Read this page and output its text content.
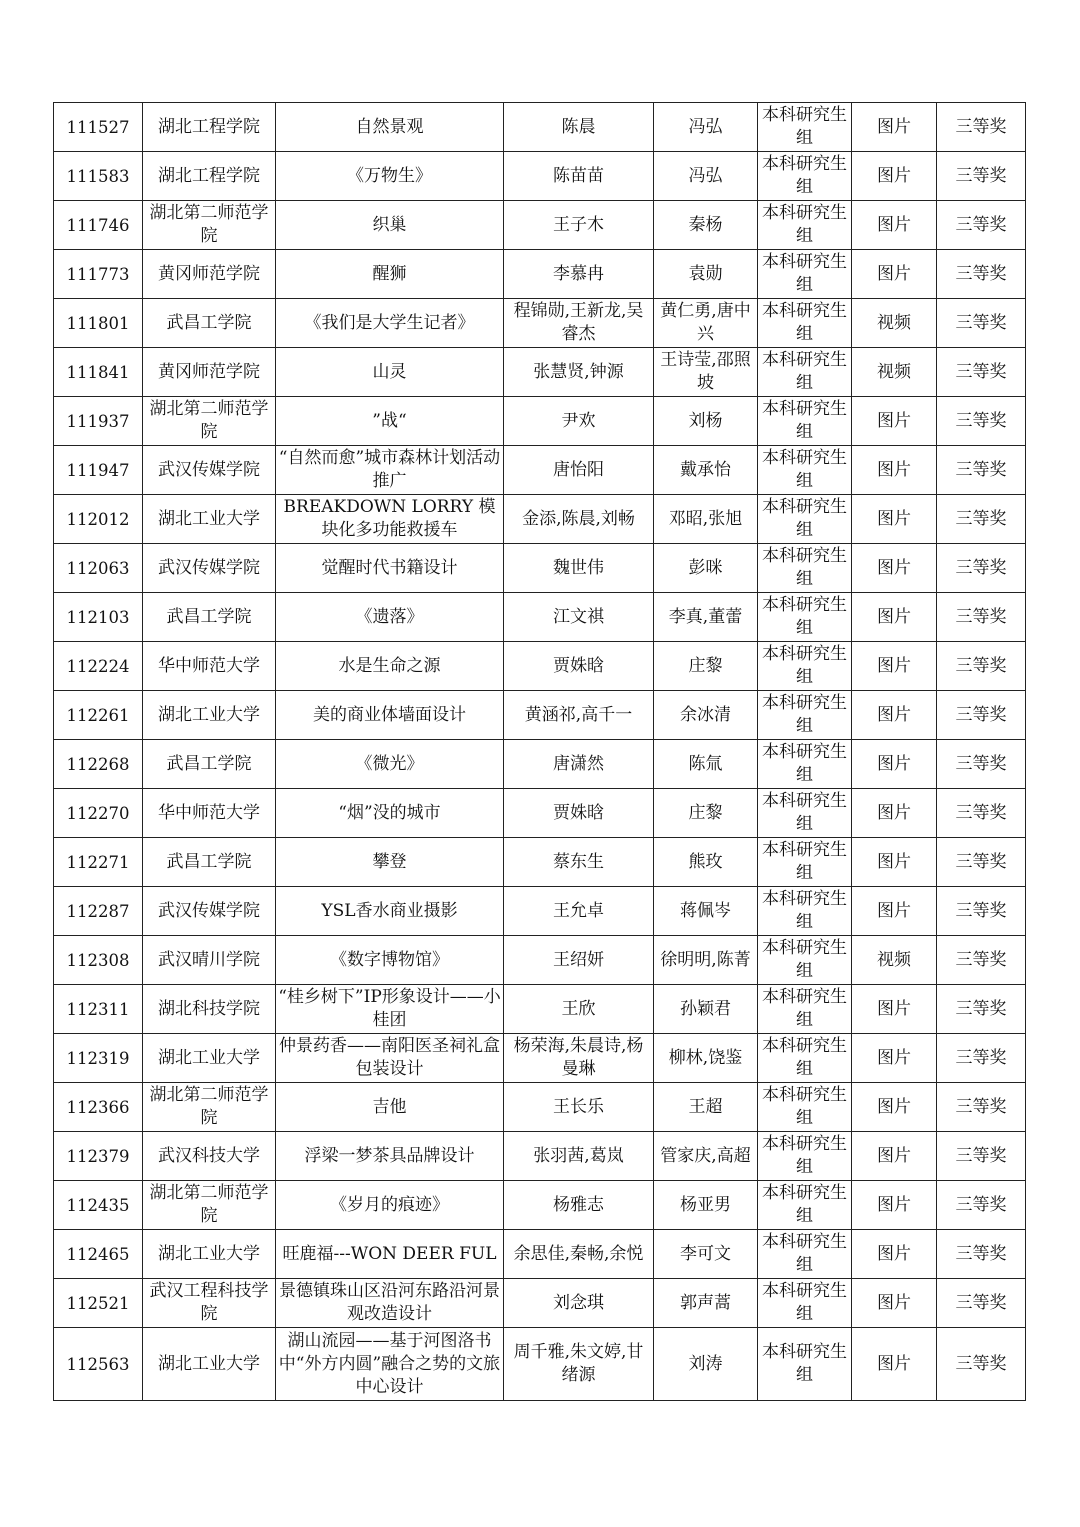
111527	湖北工程学院	自然景观	陈晨	冯弘	本科研究生组	图片	三等奖
111583	湖北工程学院	《万物生》	陈苗苗	冯弘	本科研究生组	图片	三等奖
111746	湖北第二师范学院	织巢	王子木	秦杨	本科研究生组	图片	三等奖
111773	黄冈师范学院	醒狮	李慕冉	袁勋	本科研究生组	图片	三等奖
111801	武昌工学院	《我们是大学生记者》	程锦勋,王新龙,吴睿杰	黄仁勇,唐中兴	本科研究生组	视频	三等奖
111841	黄冈师范学院	山灵	张慧贤,钟源	王诗莹,邵照坡	本科研究生组	视频	三等奖
111937	湖北第二师范学院	”战“	尹欢	刘杨	本科研究生组	图片	三等奖
111947	武汉传媒学院	“自然而愈”城市森林计划活动推广	唐怡阳	戴承怡	本科研究生组	图片	三等奖
112012	湖北工业大学	BREAKDOWN LORRY 模块化多功能救援车	金添,陈晨,刘畅	邓昭,张旭	本科研究生组	图片	三等奖
112063	武汉传媒学院	觉醒时代书籍设计	魏世伟	彭咪	本科研究生组	图片	三等奖
112103	武昌工学院	《遗落》	江文祺	李真,董蕾	本科研究生组	图片	三等奖
112224	华中师范大学	水是生命之源	贾姝晗	庄黎	本科研究生组	图片	三等奖
112261	湖北工业大学	美的商业体墙面设计	黄涵祁,高千一	余冰清	本科研究生组	图片	三等奖
112268	武昌工学院	《微光》	唐潇然	陈氚	本科研究生组	图片	三等奖
112270	华中师范大学	“烟”没的城市	贾姝晗	庄黎	本科研究生组	图片	三等奖
112271	武昌工学院	攀登	蔡东生	熊玫	本科研究生组	图片	三等奖
112287	武汉传媒学院	YSL香水商业摄影	王允卓	蒋佩岑	本科研究生组	图片	三等奖
112308	武汉晴川学院	《数字博物馆》	王绍妍	徐明明,陈菁	本科研究生组	视频	三等奖
112311	湖北科技学院	“桂乡树下”IP形象设计——小桂团	王欣	孙颖君	本科研究生组	图片	三等奖
112319	湖北工业大学	仲景药香——南阳医圣祠礼盒包装设计	杨荣海,朱晨诗,杨曼琳	柳林,饶鉴	本科研究生组	图片	三等奖
112366	湖北第二师范学院	吉他	王长乐	王超	本科研究生组	图片	三等奖
112379	武汉科技大学	浮梁一梦茶具品牌设计	张羽茜,葛岚	管家庆,高超	本科研究生组	图片	三等奖
112435	湖北第二师范学院	《岁月的痕迹》	杨雅志	杨亚男	本科研究生组	图片	三等奖
112465	湖北工业大学	旺鹿福---WON DEER FUL	余思佳,秦畅,余悦	李可文	本科研究生组	图片	三等奖
112521	武汉工程科技学院	景德镇珠山区沿河东路沿河景观改造设计	刘念琪	郭声蒿	本科研究生组	图片	三等奖
112563	湖北工业大学	湖山流园——基于河图洛书中“外方内圆”融合之势的文旅中心设计	周千雅,朱文婷,甘绪源	刘涛	本科研究生组	图片	三等奖
